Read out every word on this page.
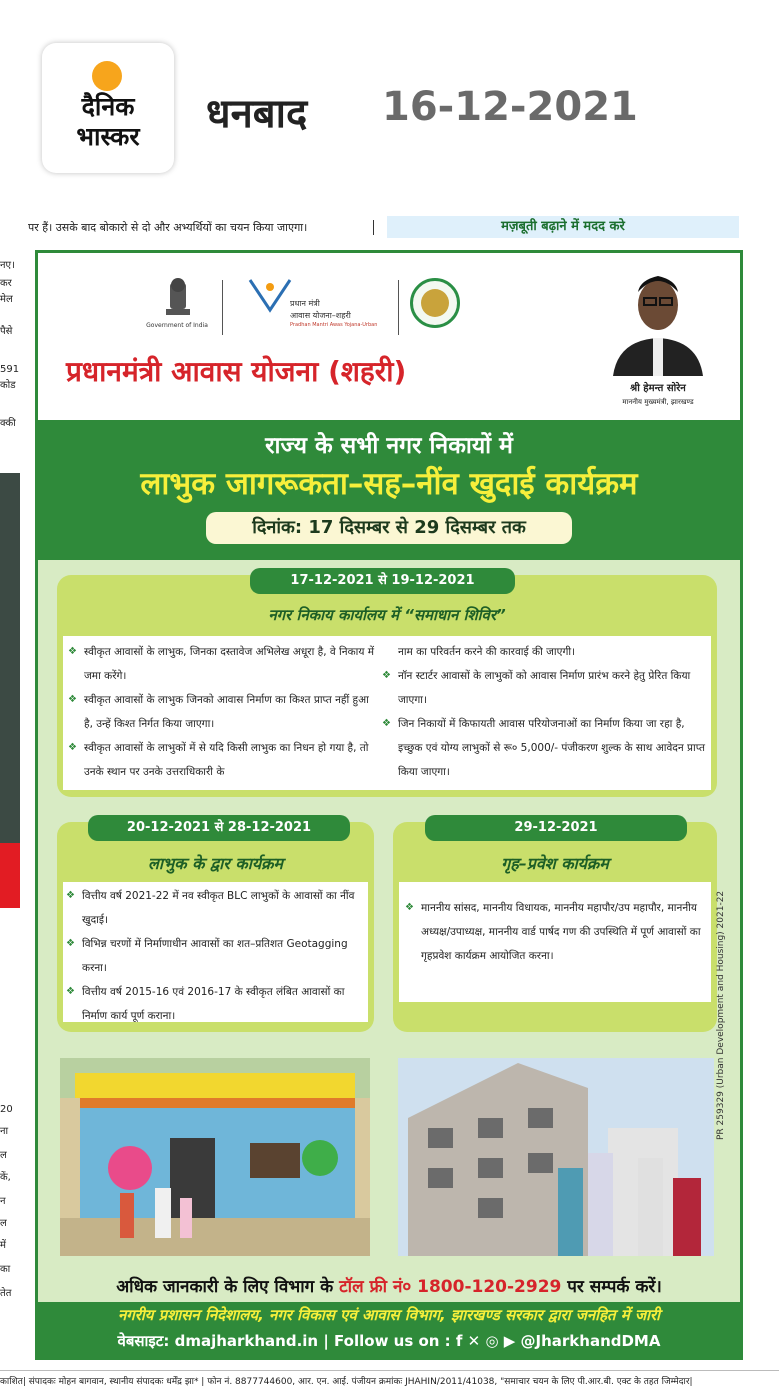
दैनिक
भास्कर	धनबाद 16-12-2021
पर हैं। उसके बाद बोकारो से दो और अभ्यर्थियों का चयन किया जाएगा।	मज़बूती बढ़ाने में मदद करे
नए।
कर
मेल
पैसे
591
कोड
क्की
20
ना
ल
कें,
न
ल
में
का
तेत
Government of India
प्रधान मंत्री
आवास योजना–शहरी
Pradhan Mantri Awas Yojana-Urban
प्रधानमंत्री आवास योजना (शहरी)
श्री हेमन्त सोरेन
माननीय मुख्यमंत्री, झारखण्ड
राज्य के सभी नगर निकायों में
लाभुक जागरूकता–सह–नींव खुदाई कार्यक्रम
दिनांक: 17 दिसम्बर से 29 दिसम्बर तक
17-12-2021 से 19-12-2021
नगर निकाय कार्यालय में “समाधान शिविर”
❖ स्वीकृत आवासों के लाभुक, जिनका दस्तावेज अभिलेख अधूरा है, वे निकाय में जमा करेंगे।
❖ स्वीकृत आवासों के लाभुक जिनको आवास निर्माण का किश्त प्राप्त नहीं हुआ है, उन्हें किश्त निर्गत किया जाएगा।
❖ स्वीकृत आवासों के लाभुकों में से यदि किसी लाभुक का निधन हो गया है, तो उनके स्थान पर उनके उत्तराधिकारी के
नाम का परिवर्तन करने की कारवाई की जाएगी।
❖ नॉन स्टार्टर आवासों के लाभुकों को आवास निर्माण प्रारंभ करने हेतु प्रेरित किया जाएगा।
❖ जिन निकायों में किफायती आवास परियोजनाओं का निर्माण किया जा रहा है, इच्छुक एवं योग्य लाभुकों से रू० 5,000/- पंजीकरण शुल्क के साथ आवेदन प्राप्त किया जाएगा।
20-12-2021 से 28-12-2021
लाभुक के द्वार कार्यक्रम
❖ वित्तीय वर्ष 2021-22 में नव स्वीकृत BLC लाभुकों के आवासों का नींव खुदाई।
❖ विभिन्न चरणों में निर्माणाधीन आवासों का शत–प्रतिशत Geotagging करना।
❖ वित्तीय वर्ष 2015-16 एवं 2016-17 के स्वीकृत लंबित आवासों का निर्माण कार्य पूर्ण कराना।
29-12-2021
गृह–प्रवेश कार्यक्रम
❖ माननीय सांसद, माननीय विधायक, माननीय महापौर/उप महापौर, माननीय अध्यक्ष/उपाध्यक्ष, माननीय वार्ड पार्षद गण की उपस्थिति में पूर्ण आवासों का गृहप्रवेश कार्यक्रम आयोजित करना।	PR 259329 (Urban Development and Housing) 2021-22
अधिक जानकारी के लिए विभाग के टॉल फ्री नं० 1800-120-2929 पर सम्पर्क करें।
नगरीय प्रशासन निदेशालय, नगर विकास एवं आवास विभाग, झारखण्ड सरकार द्वारा जनहित में जारी
वेबसाइट: dmajharkhand.in | Follow us on : f ✕ ◎ ▶ @JharkhandDMA
काशित| संपादकः मोहन बागवान, स्थानीय संपादकः धर्मेंद्र झा* | फोन नं. 8877744600, आर. एन. आई. पंजीयन क्रमांकः JHAHIN/2011/41038, "समाचार चयन के लिए पी.आर.बी. एक्ट के तहत जिम्मेदार|
